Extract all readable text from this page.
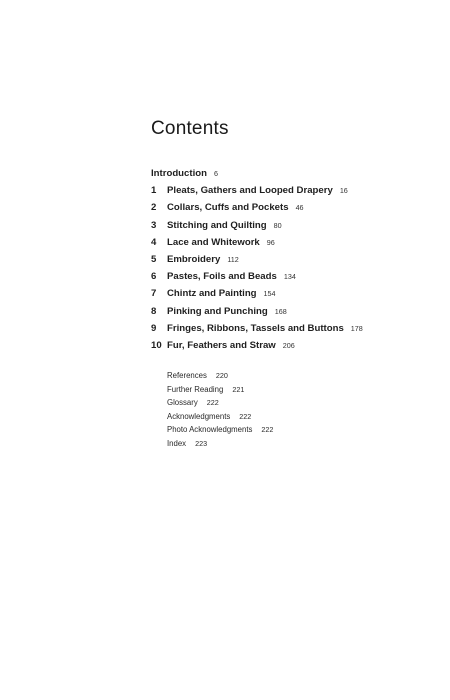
Contents
Introduction 6
1 Pleats, Gathers and Looped Drapery 16
2 Collars, Cuffs and Pockets 46
3 Stitching and Quilting 80
4 Lace and Whitework 96
5 Embroidery 112
6 Pastes, Foils and Beads 134
7 Chintz and Painting 154
8 Pinking and Punching 168
9 Fringes, Ribbons, Tassels and Buttons 178
10 Fur, Feathers and Straw 206
References 220
Further Reading 221
Glossary 222
Acknowledgments 222
Photo Acknowledgments 222
Index 223
